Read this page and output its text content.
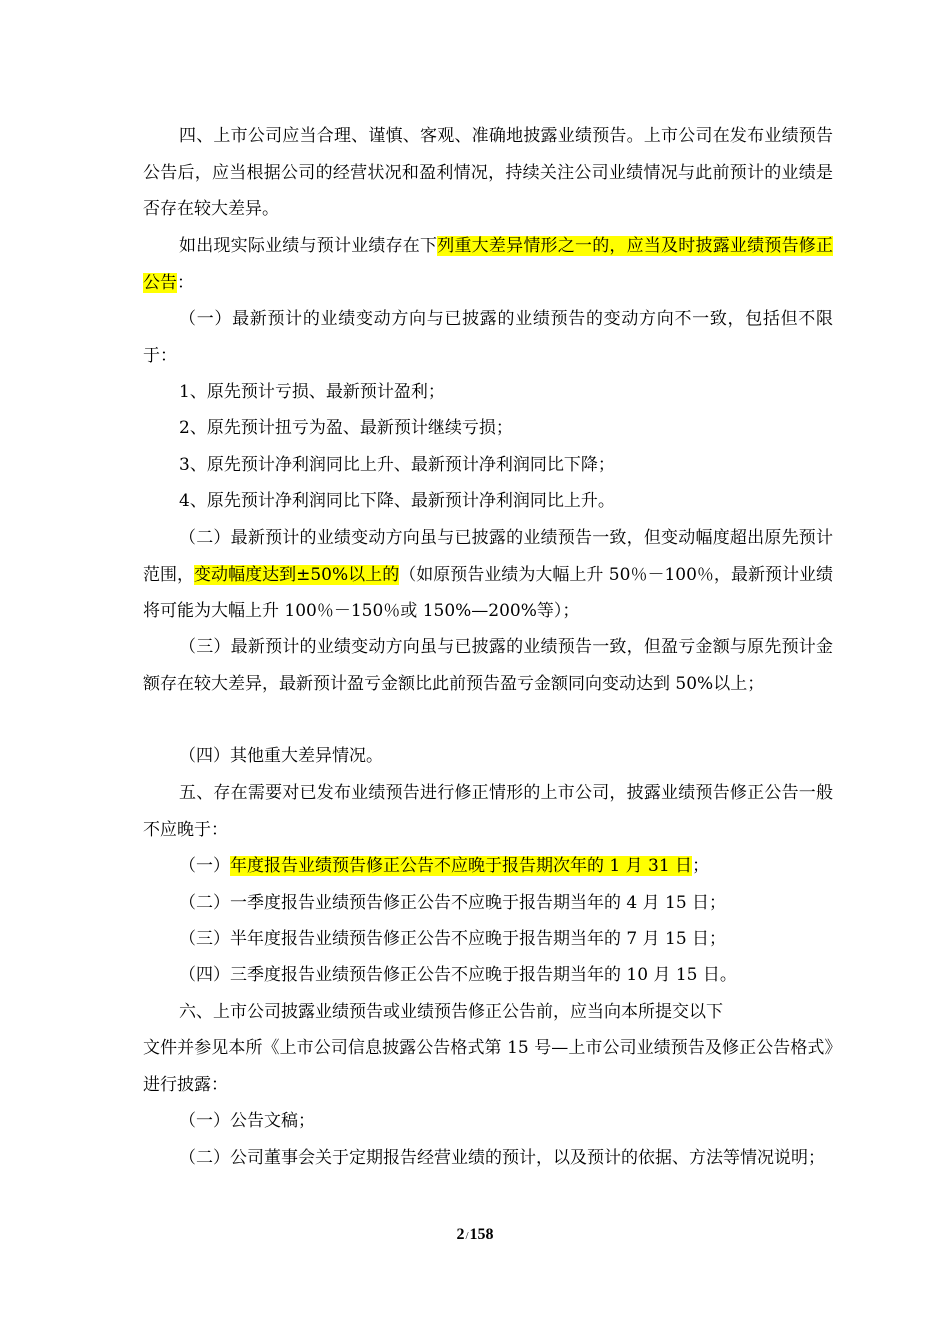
四、上市公司应当合理、谨慎、客观、准确地披露业绩预告。上市公司在发布业绩预告公告后，应当根据公司的经营状况和盈利情况，持续关注公司业绩情况与此前预计的业绩是否存在较大差异。

如出现实际业绩与预计业绩存在下列重大差异情形之一的，应当及时披露业绩预告修正公告：

（一）最新预计的业绩变动方向与已披露的业绩预告的变动方向不一致，包括但不限于：

1、原先预计亏损、最新预计盈利；

2、原先预计扭亏为盈、最新预计继续亏损；

3、原先预计净利润同比上升、最新预计净利润同比下降；

4、原先预计净利润同比下降、最新预计净利润同比上升。

（二）最新预计的业绩变动方向虽与已披露的业绩预告一致，但变动幅度超出原先预计范围，变动幅度达到±50%以上的（如原预告业绩为大幅上升 50％－100％，最新预计业绩将可能为大幅上升 100％－150％或 150%—200%等）；

（三）最新预计的业绩变动方向虽与已披露的业绩预告一致，但盈亏金额与原先预计金额存在较大差异，最新预计盈亏金额比此前预告盈亏金额同向变动达到 50%以上；

（四）其他重大差异情况。

五、存在需要对已发布业绩预告进行修正情形的上市公司，披露业绩预告修正公告一般不应晚于：

（一）年度报告业绩预告修正公告不应晚于报告期次年的 1 月 31 日；

（二）一季度报告业绩预告修正公告不应晚于报告期当年的 4 月 15 日；

（三）半年度报告业绩预告修正公告不应晚于报告期当年的 7 月 15 日；

（四）三季度报告业绩预告修正公告不应晚于报告期当年的 10 月 15 日。

六、上市公司披露业绩预告或业绩预告修正公告前，应当向本所提交以下

文件并参见本所《上市公司信息披露公告格式第 15 号—上市公司业绩预告及修正公告格式》进行披露：

（一）公告文稿；

（二）公司董事会关于定期报告经营业绩的预计，以及预计的依据、方法等情况说明；

2/158
